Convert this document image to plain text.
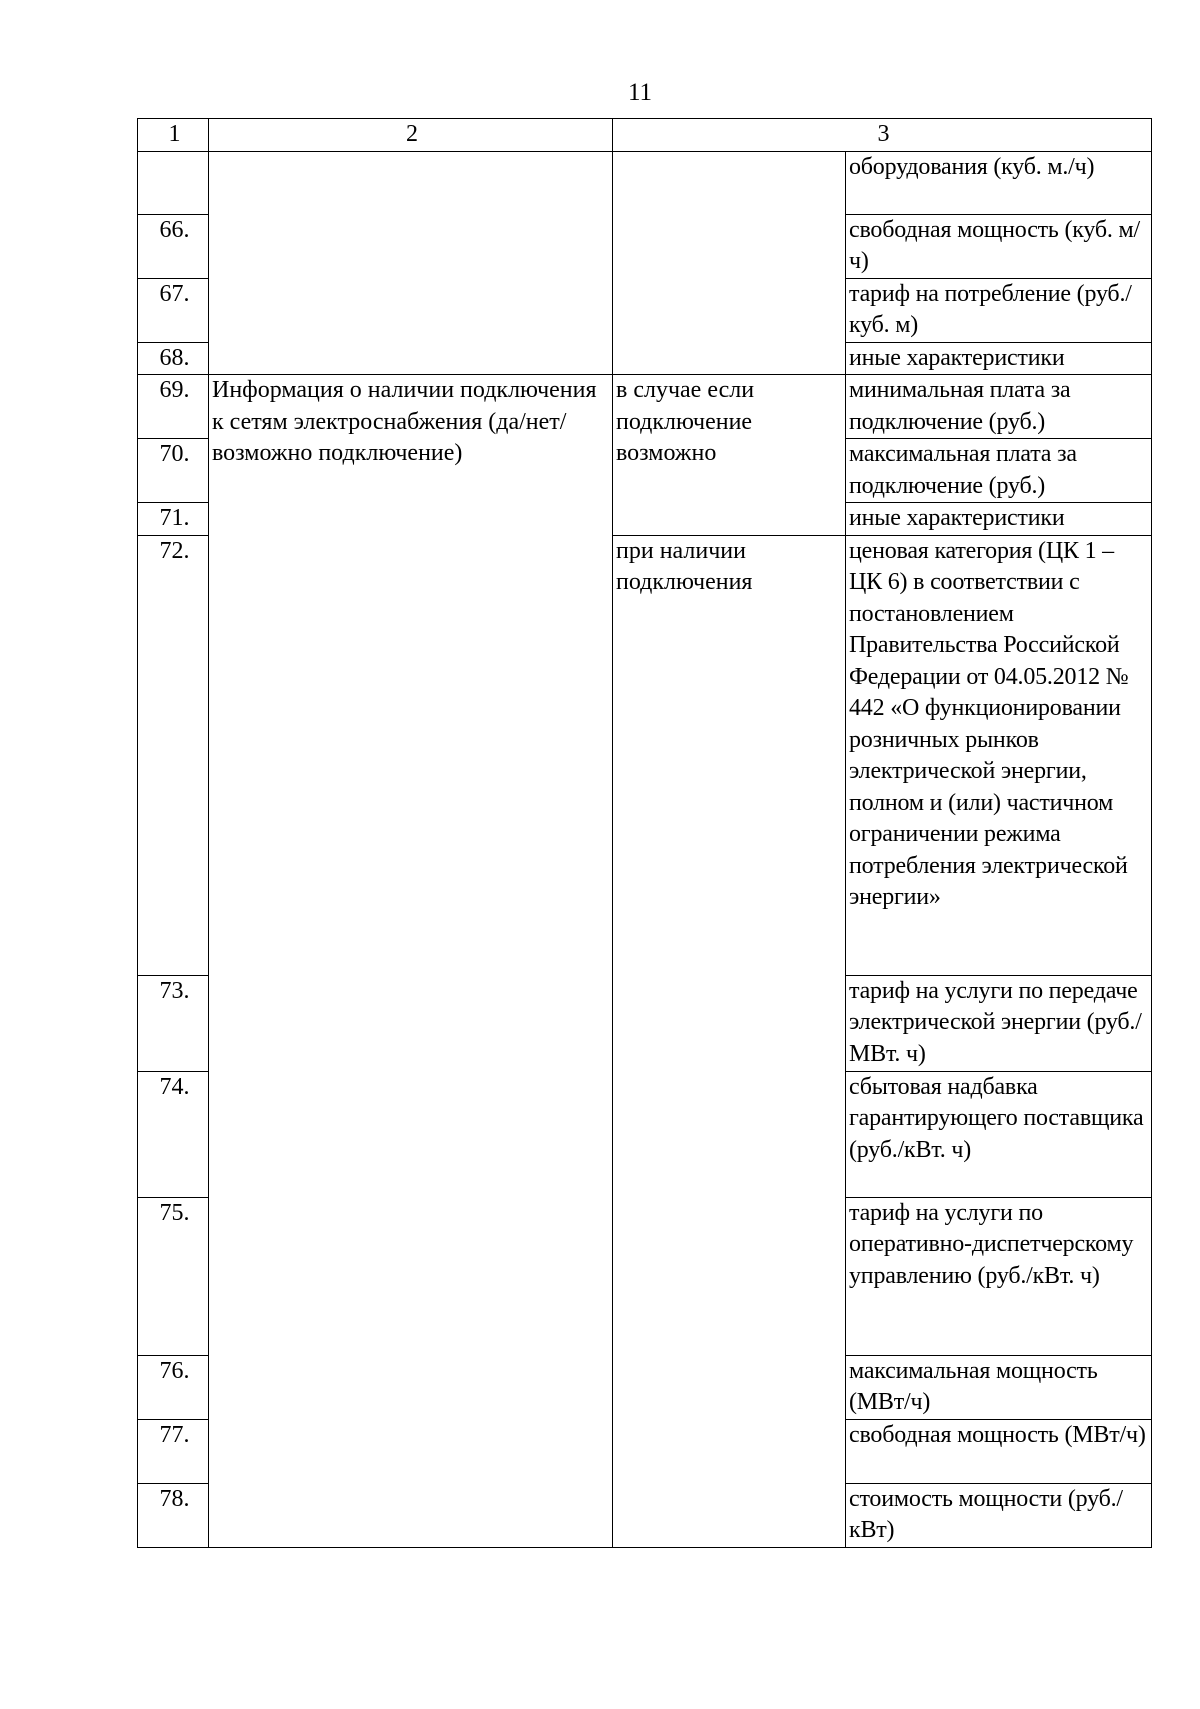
11
1	2	3	
			оборудования (куб. м./ч)
66.			свободная мощность (куб. м/ч)
67.			тариф на потребление (руб./куб. м)
68.			иные характеристики
69.	Информация о наличии подключения к сетям электроснабжения (да/нет/возможно подключение)	в случае если подключение возможно	минимальная плата за подключение (руб.)
70.			максимальная плата за подключение (руб.)
71.			иные характеристики
72.		при наличии подключения	ценовая категория (ЦК 1 – ЦК 6) в соответствии с постановлением Правительства Российской Федерации от 04.05.2012 № 442 «О функционировании розничных рынков электрической энергии, полном и (или) частичном ограничении режима потребления электрической энергии»
73.			тариф на услуги по передаче электрической энергии (руб./МВт. ч)
74.			сбытовая надбавка гарантирующего поставщика (руб./кВт. ч)
75.			тариф на услуги по оперативно-диспетчерскому управлению (руб./кВт. ч)
76.			максимальная мощность (МВт/ч)
77.			свободная мощность (МВт/ч)
78.			стоимость мощности (руб./кВт)
